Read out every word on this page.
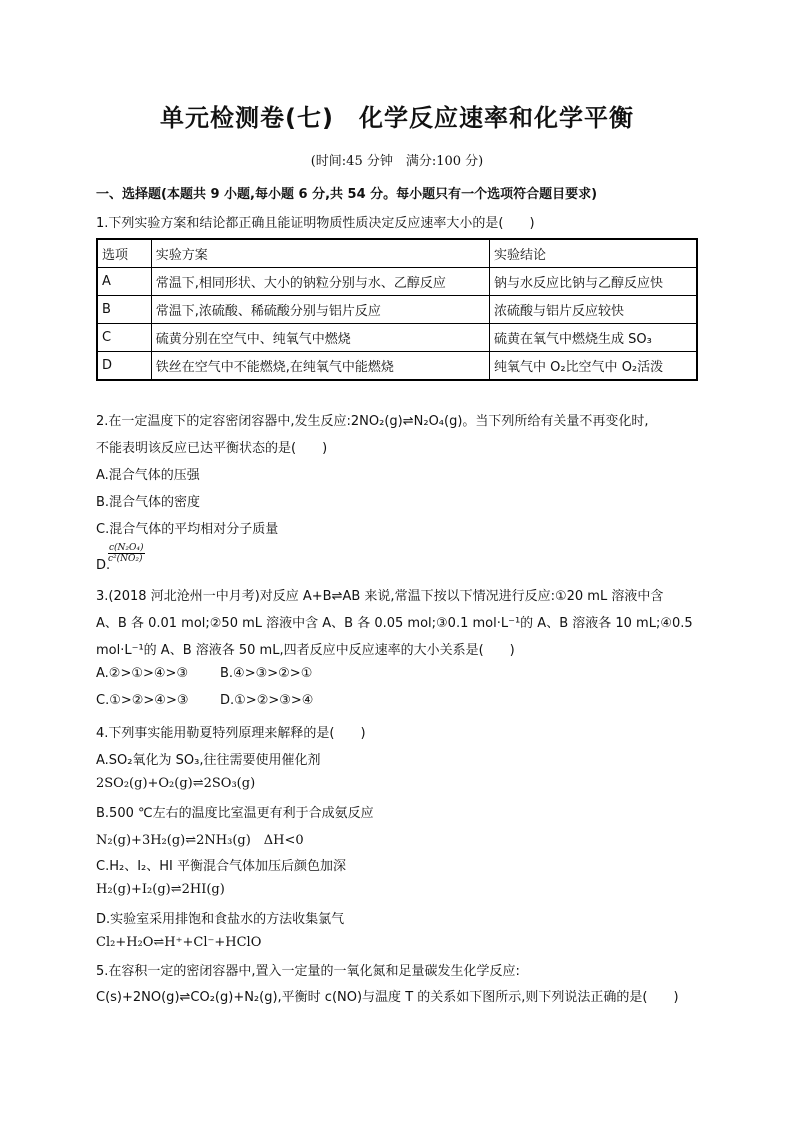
单元检测卷(七)　化学反应速率和化学平衡
(时间:45 分钟　满分:100 分)
一、选择题(本题共 9 小题,每小题 6 分,共 54 分。每小题只有一个选项符合题目要求)
1.下列实验方案和结论都正确且能证明物质性质决定反应速率大小的是(　　)
选项	实验方案	实验结论
A	常温下,相同形状、大小的钠粒分别与水、乙醇反应	钠与水反应比钠与乙醇反应快
B	常温下,浓硫酸、稀硫酸分别与铝片反应	浓硫酸与铝片反应较快
C	硫黄分别在空气中、纯氧气中燃烧	硫黄在氧气中燃烧生成 SO₃
D	铁丝在空气中不能燃烧,在纯氧气中能燃烧	纯氧气中 O₂比空气中 O₂活泼
2.在一定温度下的定容密闭容器中,发生反应:2NO₂(g)⇌N₂O₄(g)。当下列所给有关量不再变化时,
不能表明该反应已达平衡状态的是(　　)
A.混合气体的压强
B.混合气体的密度
C.混合气体的平均相对分子质量
D.
$\frac{\text{c(N₂O₄)}}{\text{c²(NO₂)}}$
3.(2018 河北沧州一中月考)对反应 A+B⇌AB 来说,常温下按以下情况进行反应:①20 mL 溶液中含
A、B 各 0.01 mol;②50 mL 溶液中含 A、B 各 0.05 mol;③0.1 mol·L⁻¹的 A、B 溶液各 10 mL;④0.5
mol·L⁻¹的 A、B 溶液各 50 mL,四者反应中反应速率的大小关系是(　　)
A.②>①>④>③ B.④>③>②>①
C.①>②>④>③ D.①>②>③>④
4.下列事实能用勒夏特列原理来解释的是(　　)
A.SO₂氧化为 SO₃,往往需要使用催化剂
2SO₂(g)+O₂(g)⇌2SO₃(g)
B.500 ℃左右的温度比室温更有利于合成氨反应
N₂(g)+3H₂(g)⇌2NH₃(g)　ΔH<0
C.H₂、I₂、HI 平衡混合气体加压后颜色加深
H₂(g)+I₂(g)⇌2HI(g)
D.实验室采用排饱和食盐水的方法收集氯气
Cl₂+H₂O⇌H⁺+Cl⁻+HClO
5.在容积一定的密闭容器中,置入一定量的一氧化氮和足量碳发生化学反应:
C(s)+2NO(g)⇌CO₂(g)+N₂(g),平衡时 c(NO)与温度 T 的关系如下图所示,则下列说法正确的是(　　)
